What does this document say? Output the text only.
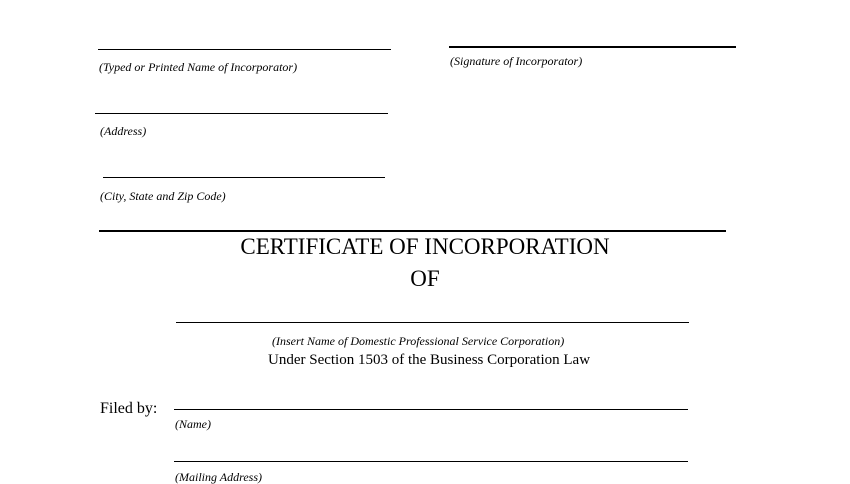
(Typed or Printed Name of Incorporator)	(Signature of Incorporator)
(Address)
(City, State and Zip Code)
CERTIFICATE OF INCORPORATION
OF
(Insert Name of Domestic Professional Service Corporation)
Under Section 1503 of the Business Corporation Law
Filed by:
(Name)
(Mailing Address)
